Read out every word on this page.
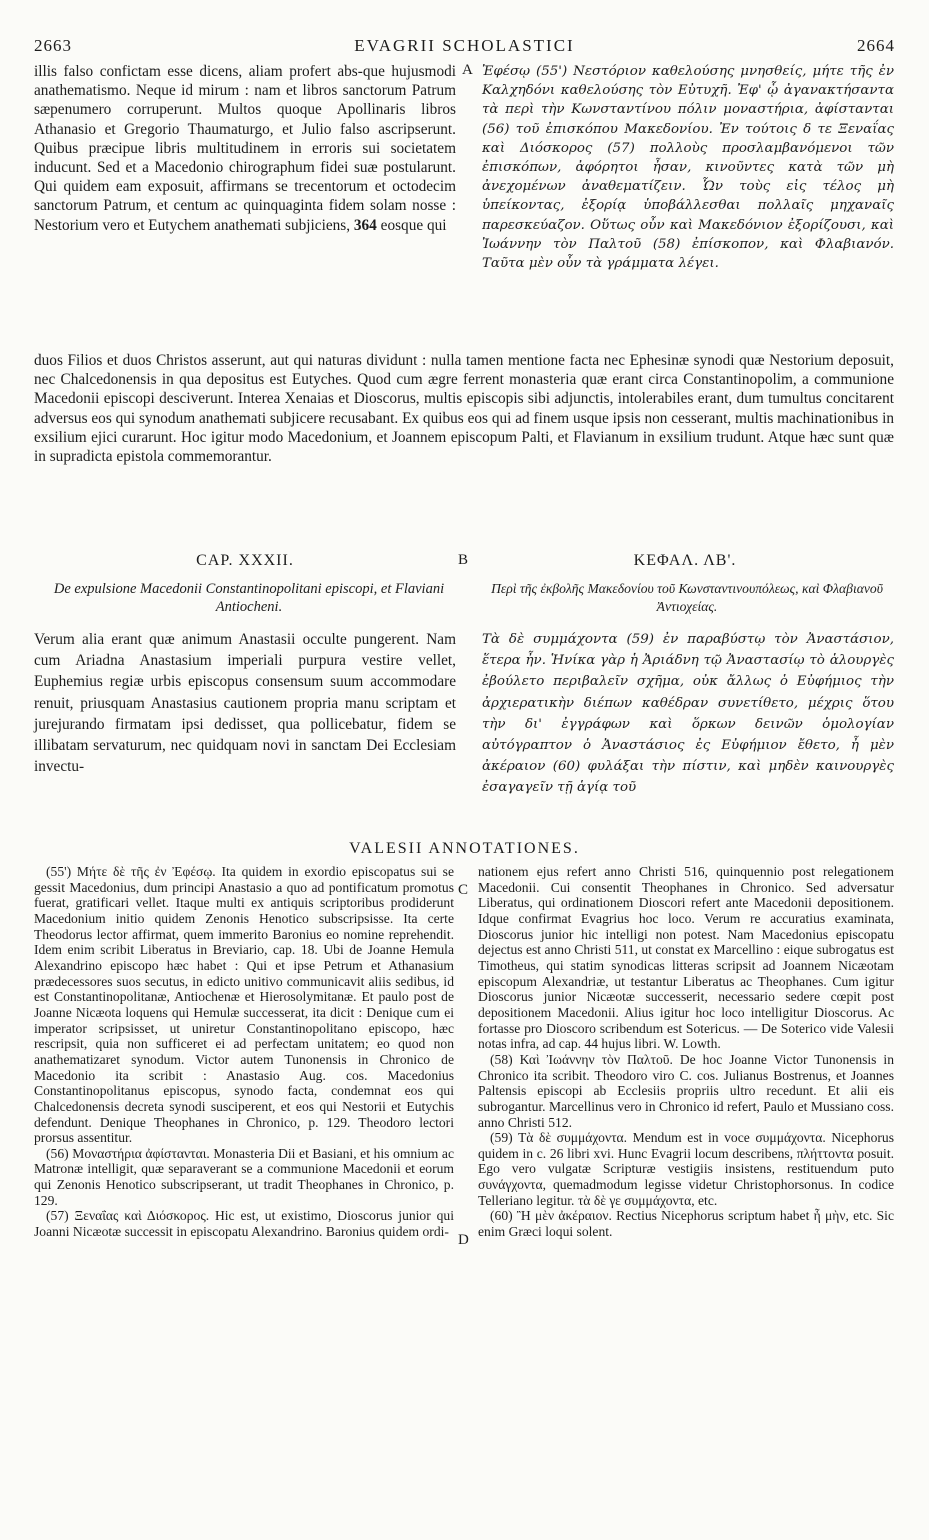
2663	EVAGRII SCHOLASTICI	2664
illis falso confictam esse dicens, aliam profert abs-que hujusmodi anathematismo. Neque id mirum : nam et libros sanctorum Patrum sæpenumero corruperunt. Multos quoque Apollinaris libros Athanasio et Gregorio Thaumaturgo, et Julio falso ascripserunt. Quibus præcipue libris multitudinem in erroris sui societatem inducunt. Sed et a Macedonio chirographum fidei suæ postularunt. Qui quidem eam exposuit, affirmans se trecentorum et octodecim sanctorum Patrum, et centum ac quinquaginta fidem solam nosse : Nestorium vero et Eutychem anathemati subjiciens, 364 eosque qui
A Ἐφέσῳ (55') Νεστόριον καθελούσης μνησθείς, μήτε τῆς ἐν Καλχηδόνι καθελούσης τὸν Εὐτυχῆ. Ἐφ' ᾧ ἀγανακτήσαντα τὰ περὶ τὴν Κωνσταντίνου πόλιν μοναστήρια, ἀφίστανται (56) τοῦ ἐπισκόπου Μακεδονίου. Ἐν τούτοις δ τε Ξεναΐας καὶ Διόσκορος (57) πολλοὺς προσλαμβανόμενοι τῶν ἐπισκόπων, ἀφόρητοι ἦσαν, κινοῦντες κατὰ τῶν μὴ ἀνεχομένων ἀναθεματίζειν. Ὧν τοὺς εἰς τέλος μὴ ὑπείκοντας, ἐξορίᾳ ὑποβάλλεσθαι πολλαῖς μηχαναῖς παρεσκεύαζον. Οὕτως οὖν καὶ Μακεδόνιον ἐξορίζουσι, καὶ Ἰωάννην τὸν Παλτοῦ (58) ἐπίσκοπον, καὶ Φλαβιανόν. Ταῦτα μὲν οὖν τὰ γράμματα λέγει.
duos Filios et duos Christos asserunt, aut qui naturas dividunt : nulla tamen mentione facta nec Ephesinæ synodi quæ Nestorium deposuit, nec Chalcedonensis in qua depositus est Eutyches. Quod cum ægre ferrent monasteria quæ erant circa Constantinopolim, a communione Macedonii episcopi desciverunt. Interea Xenaias et Dioscorus, multis episcopis sibi adjunctis, intolerabiles erant, dum tumultus concitarent adversus eos qui synodum anathemati subjicere recusabant. Ex quibus eos qui ad finem usque ipsis non cesserant, multis machinationibus in exsilium ejici curarunt. Hoc igitur modo Macedonium, et Joannem episcopum Palti, et Flavianum in exsilium trudunt. Atque hæc sunt quæ in supradicta epistola commemorantur.
CAP. XXXII.	B	ΚΕΦΑΛ. ΛΒ'.
De expulsione Macedonii Constantinopolitani episcopi, et Flaviani Antiocheni.
Περὶ τῆς ἐκβολῆς Μακεδονίου τοῦ Κωνσταντινουπόλεως, καὶ Φλαβιανοῦ Ἀντιοχείας.
Verum alia erant quæ animum Anastasii occulte pungerent. Nam cum Ariadna Anastasium imperiali purpura vestire vellet, Euphemius regiæ urbis episcopus consensum suum accommodare renuit, priusquam Anastasius cautionem propria manu scriptam et jurejurando firmatam ipsi dedisset, qua pollicebatur, fidem se illibatam servaturum, nec quidquam novi in sanctam Dei Ecclesiam invectu-
Τὰ δὲ συμμάχοντα (59) ἐν παραβύστῳ τὸν Ἀναστάσιον, ἕτερα ἦν. Ἡνίκα γὰρ ἡ Ἀριάδνη τῷ Ἀναστασίῳ τὸ ἁλουργὲς ἐβούλετο περιβαλεῖν σχῆμα, οὐκ ἄλλως ὁ Εὐφήμιος τὴν ἀρχιερατικὴν διέπων καθέδραν συνετίθετο, μέχρις ὅτου τὴν δι' ἐγγράφων καὶ ὅρκων δεινῶν ὁμολογίαν αὐτόγραπτον ὁ Ἀναστάσιος ἐς Εὐφήμιον ἔθετο, ἦ μὲν ἀκέραιον (60) φυλάξαι τὴν πίστιν, καὶ μηδὲν καινουργὲς ἐσαγαγεῖν τῇ ἁγίᾳ τοῦ
VALESII ANNOTATIONES.

(55') Μήτε δὲ τῆς ἐν Ἐφέσῳ. Ita quidem in exordio episcopatus sui se gessit Macedonius, dum principi Anastasio a quo ad pontificatum promotus fuerat, gratificari vellet. Itaque multi ex antiquis scriptoribus prodiderunt Macedonium initio quidem Zenonis Henotico subscripsisse. Ita certe Theodorus lector affirmat, quem immerito Baronius eo nomine reprehendit. Idem enim scribit Liberatus in Breviario, cap. 18. Ubi de Joanne Hemula Alexandrino episcopo hæc habet : Qui et ipse Petrum et Athanasium prædecessores suos secutus, in edicto unitivo communicavit aliis sedibus, id est Constantinopolitanæ, Antiochenæ et Hierosolymitanæ. Et paulo post de Joanne Nicæota loquens qui Hemulæ successerat, ita dicit : Denique cum ei imperator scripsisset, ut uniretur Constantinopolitano episcopo, hæc rescripsit, quia non sufficeret ei ad perfectam unitatem; eo quod non anathematizaret synodum. Victor autem Tunonensis in Chronico de Macedonio ita scribit : Anastasio Aug. cos. Macedonius Constantinopolitanus episcopus, synodo facta, condemnat eos qui Chalcedonensis decreta synodi susciperent, et eos qui Nestorii et Eutychis defendunt. Denique Theophanes in Chronico, p. 129. Theodoro lectori prorsus assentitur.

(56) Μοναστήρια ἀφίστανται. Monasteria Dii et Basiani, et his omnium ac Matronæ intelligit, quæ separaverant se a communione Macedonii et eorum qui Zenonis Henotico subscripserant, ut tradit Theophanes in Chronico, p. 129.

(57) Ξεναΐας καὶ Διόσκορος. Hic est, ut existimo, Dioscorus junior qui Joanni Nicæotæ successit in episcopatu Alexandrino. Baronius quidem ordi-

C
D

nationem ejus refert anno Christi 516, quinquennio post relegationem Macedonii. Cui consentit Theophanes in Chronico. Sed adversatur Liberatus, qui ordinationem Dioscori refert ante Macedonii depositionem. Idque confirmat Evagrius hoc loco. Verum re accuratius examinata, Dioscorus junior hic intelligi non potest. Nam Macedonius episcopatu dejectus est anno Christi 511, ut constat ex Marcellino : eique subrogatus est Timotheus, qui statim synodicas litteras scripsit ad Joannem Nicæotam episcopum Alexandriæ, ut testantur Liberatus ac Theophanes. Cum igitur Dioscorus junior Nicæotæ successerit, necessario sedere cœpit post depositionem Macedonii. Alius igitur hoc loco intelligitur Dioscorus. Ac fortasse pro Dioscoro scribendum est Sotericus. — De Soterico vide Valesii notas infra, ad cap. 44 hujus libri. W. Lowth.

(58) Καὶ Ἰωάννην τὸν Παλτοῦ. De hoc Joanne Victor Tunonensis in Chronico ita scribit. Theodoro viro C. cos. Julianus Bostrenus, et Joannes Paltensis episcopi ab Ecclesiis propriis ultro recedunt. Et alii eis subrogantur. Marcellinus vero in Chronico id refert, Paulo et Mussiano coss. anno Christi 512.

(59) Τὰ δὲ συμμάχοντα. Mendum est in voce συμμάχοντα. Nicephorus quidem in c. 26 libri xvi. Hunc Evagrii locum describens, πλήττοντα posuit. Ego vero vulgatæ Scripturæ vestigiis insistens, restituendum puto συνάγχοντα, quemadmodum legisse videtur Christophorsonus. In codice Telleriano legitur. τὰ δὲ γε συμμάχοντα, etc.

(60) Ἢ μὲν ἀκέραιον. Rectius Nicephorus scriptum habet ἦ μὴν, etc. Sic enim Græci loqui solent.
